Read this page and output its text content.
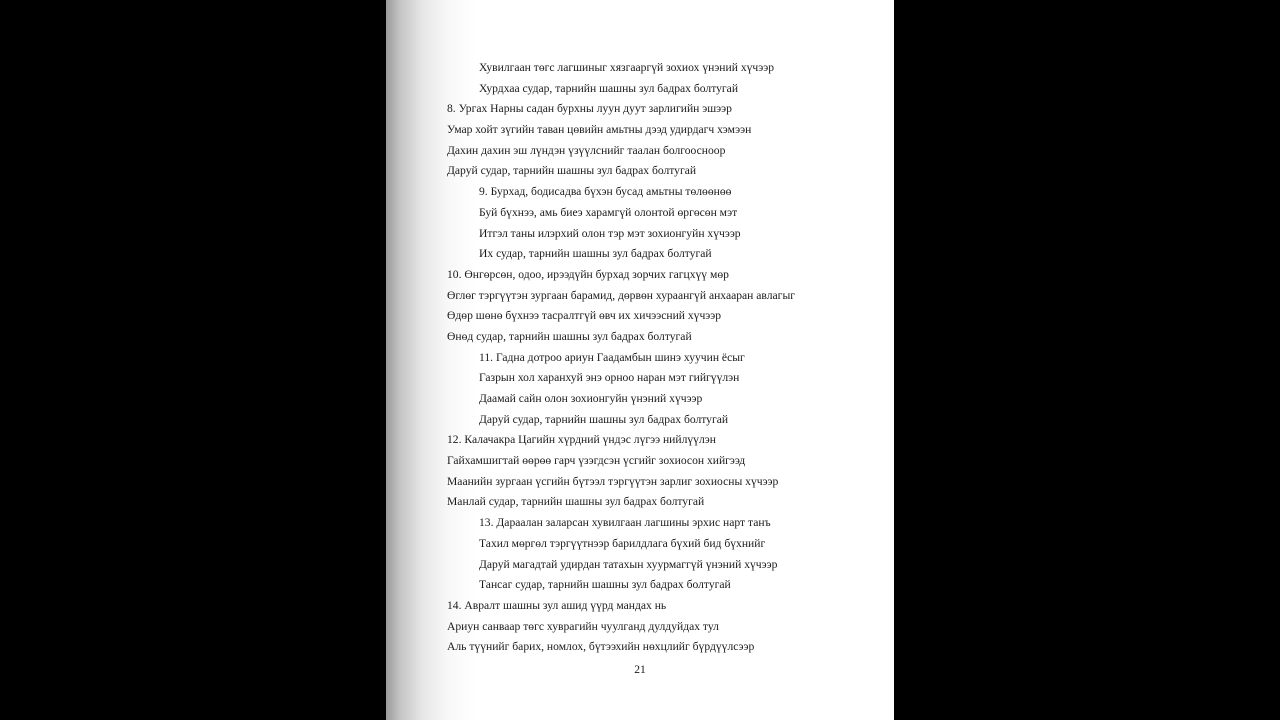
Хувилгаан төгс лагшиныг хязгааргүй зохиох үнэний хүчээр

Хурдхаа судар, тарнийн шашны зул бадрах болтугай

8. Ургах Нарны садан бурхны луун дуут зарлигийн эшээр

Умар хойт зүгийн таван цөвийн амьтны дээд удирдагч хэмээн

Дахин дахин эш лүндэн үзүүлснийг таалан болгоосноор

Даруй судар, тарнийн шашны зул бадрах болтугай

9. Бурхад, бодисадва бүхэн бусад амьтны төлөөнөө

Буй бүхнээ, амь биеэ харамгүй олонтой өргөсөн мэт

Итгэл таны илэрхий олон тэр мэт зохионгуйн хүчээр

Их судар, тарнийн шашны зул бадрах болтугай

10. Өнгөрсөн, одоо, ирээдүйн бурхад зорчих гагцхүү мөр

Өглөг тэргүүтэн зургаан барамид, дөрвөн хураангүй анхааран авлагыг

Өдөр шөнө бүхнээ тасралтгүй өвч их хичээсний хүчээр

Өнөд судар, тарнийн шашны зул бадрах болтугай

11. Гадна дотроо ариун Гаадамбын шинэ хуучин ёсыг

Газрын хол харанхуй энэ орноо наран мэт гийгүүлэн

Даамай сайн олон зохионгуйн үнэний хүчээр

Даруй судар, тарнийн шашны зул бадрах болтугай

12. Калачакра Цагийн хүрдний үндэс лүгээ нийлүүлэн

Гайхамшигтай өөрөө гарч үзэгдсэн үсгийг зохиосон хийгээд

Маанийн зургаан үсгийн бүтээл тэргүүтэн зарлиг зохиосны хүчээр

Манлай судар, тарнийн шашны зул бадрах болтугай

13. Дараалан заларсан хувилгаан лагшины эрхис нарт танъ

Тахил мөргөл тэргүүтнээр барилдлага бүхий бид бүхнийг

Даруй магадтай удирдан татахын хуурмаггүй үнэний хүчээр

Тансаг судар, тарнийн шашны зул бадрах болтугай

14. Авралт шашны зул ашид үүрд мандах нь

Ариун санваар төгс хуврагийн чуулганд дулдуйдах тул

Аль түүнийг барих, номлох, бүтээхийн нөхцлийг бүрдүүлсээр

21
